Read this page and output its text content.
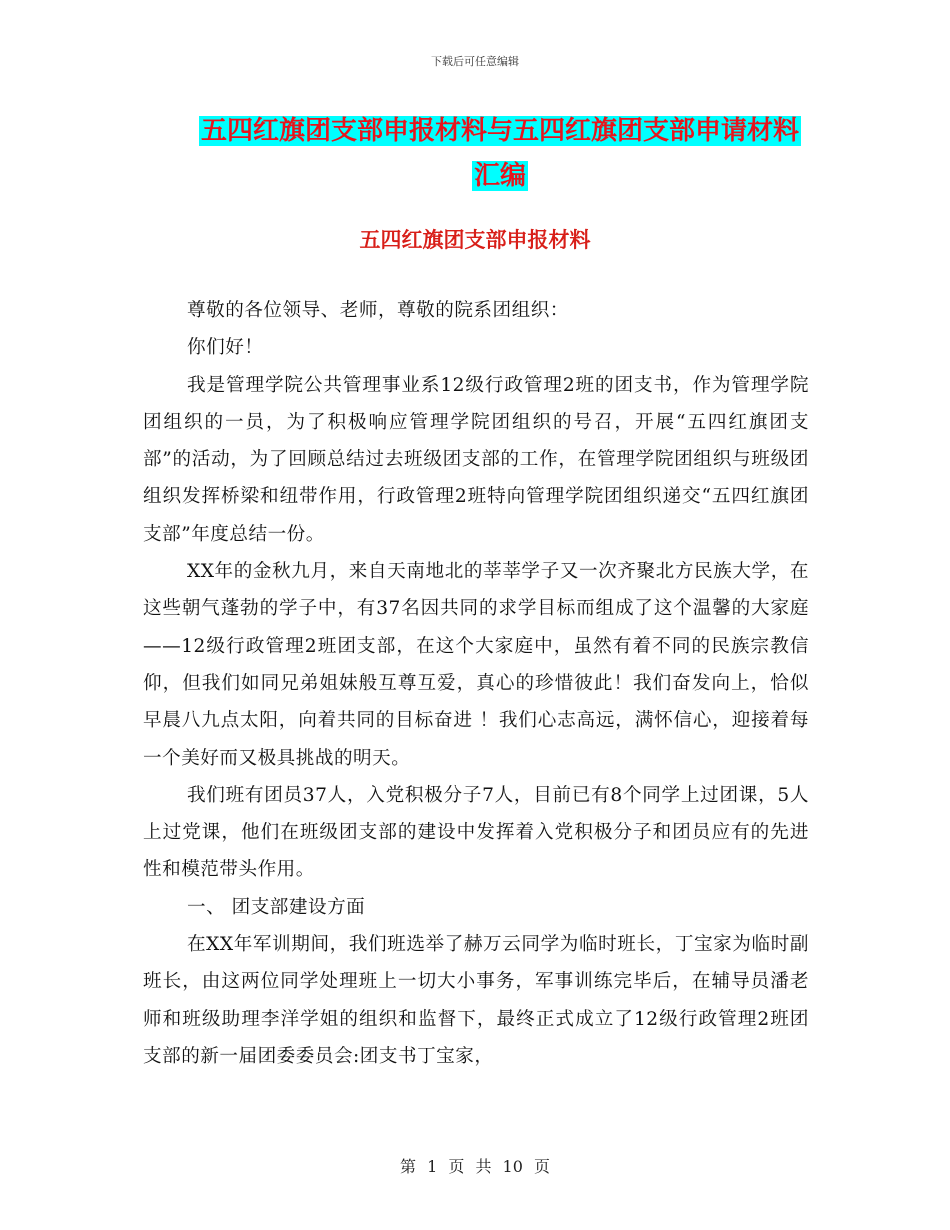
下载后可任意编辑
五四红旗团支部申报材料与五四红旗团支部申请材料
汇编
五四红旗团支部申报材料

尊敬的各位领导、老师，尊敬的院系团组织：

你们好！

我是管理学院公共管理事业系12级行政管理2班的团支书，作为管理学院团组织的一员，为了积极响应管理学院团组织的号召，开展“五四红旗团支部”的活动，为了回顾总结过去班级团支部的工作，在管理学院团组织与班级团组织发挥桥梁和纽带作用，行政管理2班特向管理学院团组织递交“五四红旗团支部”年度总结一份。

XX年的金秋九月，来自天南地北的莘莘学子又一次齐聚北方民族大学，在这些朝气蓬勃的学子中，有37名因共同的求学目标而组成了这个温馨的大家庭——12级行政管理2班团支部，在这个大家庭中，虽然有着不同的民族宗教信仰，但我们如同兄弟姐妹般互尊互爱，真心的珍惜彼此！我们奋发向上，恰似早晨八九点太阳，向着共同的目标奋进 ！我们心志高远，满怀信心，迎接着每一个美好而又极具挑战的明天。

我们班有团员37人，入党积极分子7人，目前已有8个同学上过团课，5人上过党课，他们在班级团支部的建设中发挥着入党积极分子和团员应有的先进性和模范带头作用。

一、 团支部建设方面

在XX年军训期间，我们班选举了赫万云同学为临时班长，丁宝家为临时副班长，由这两位同学处理班上一切大小事务，军事训练完毕后，在辅导员潘老师和班级助理李洋学姐的组织和监督下，最终正式成立了12级行政管理2班团支部的新一届团委委员会:团支书丁宝家，

第 1 页 共 10 页
